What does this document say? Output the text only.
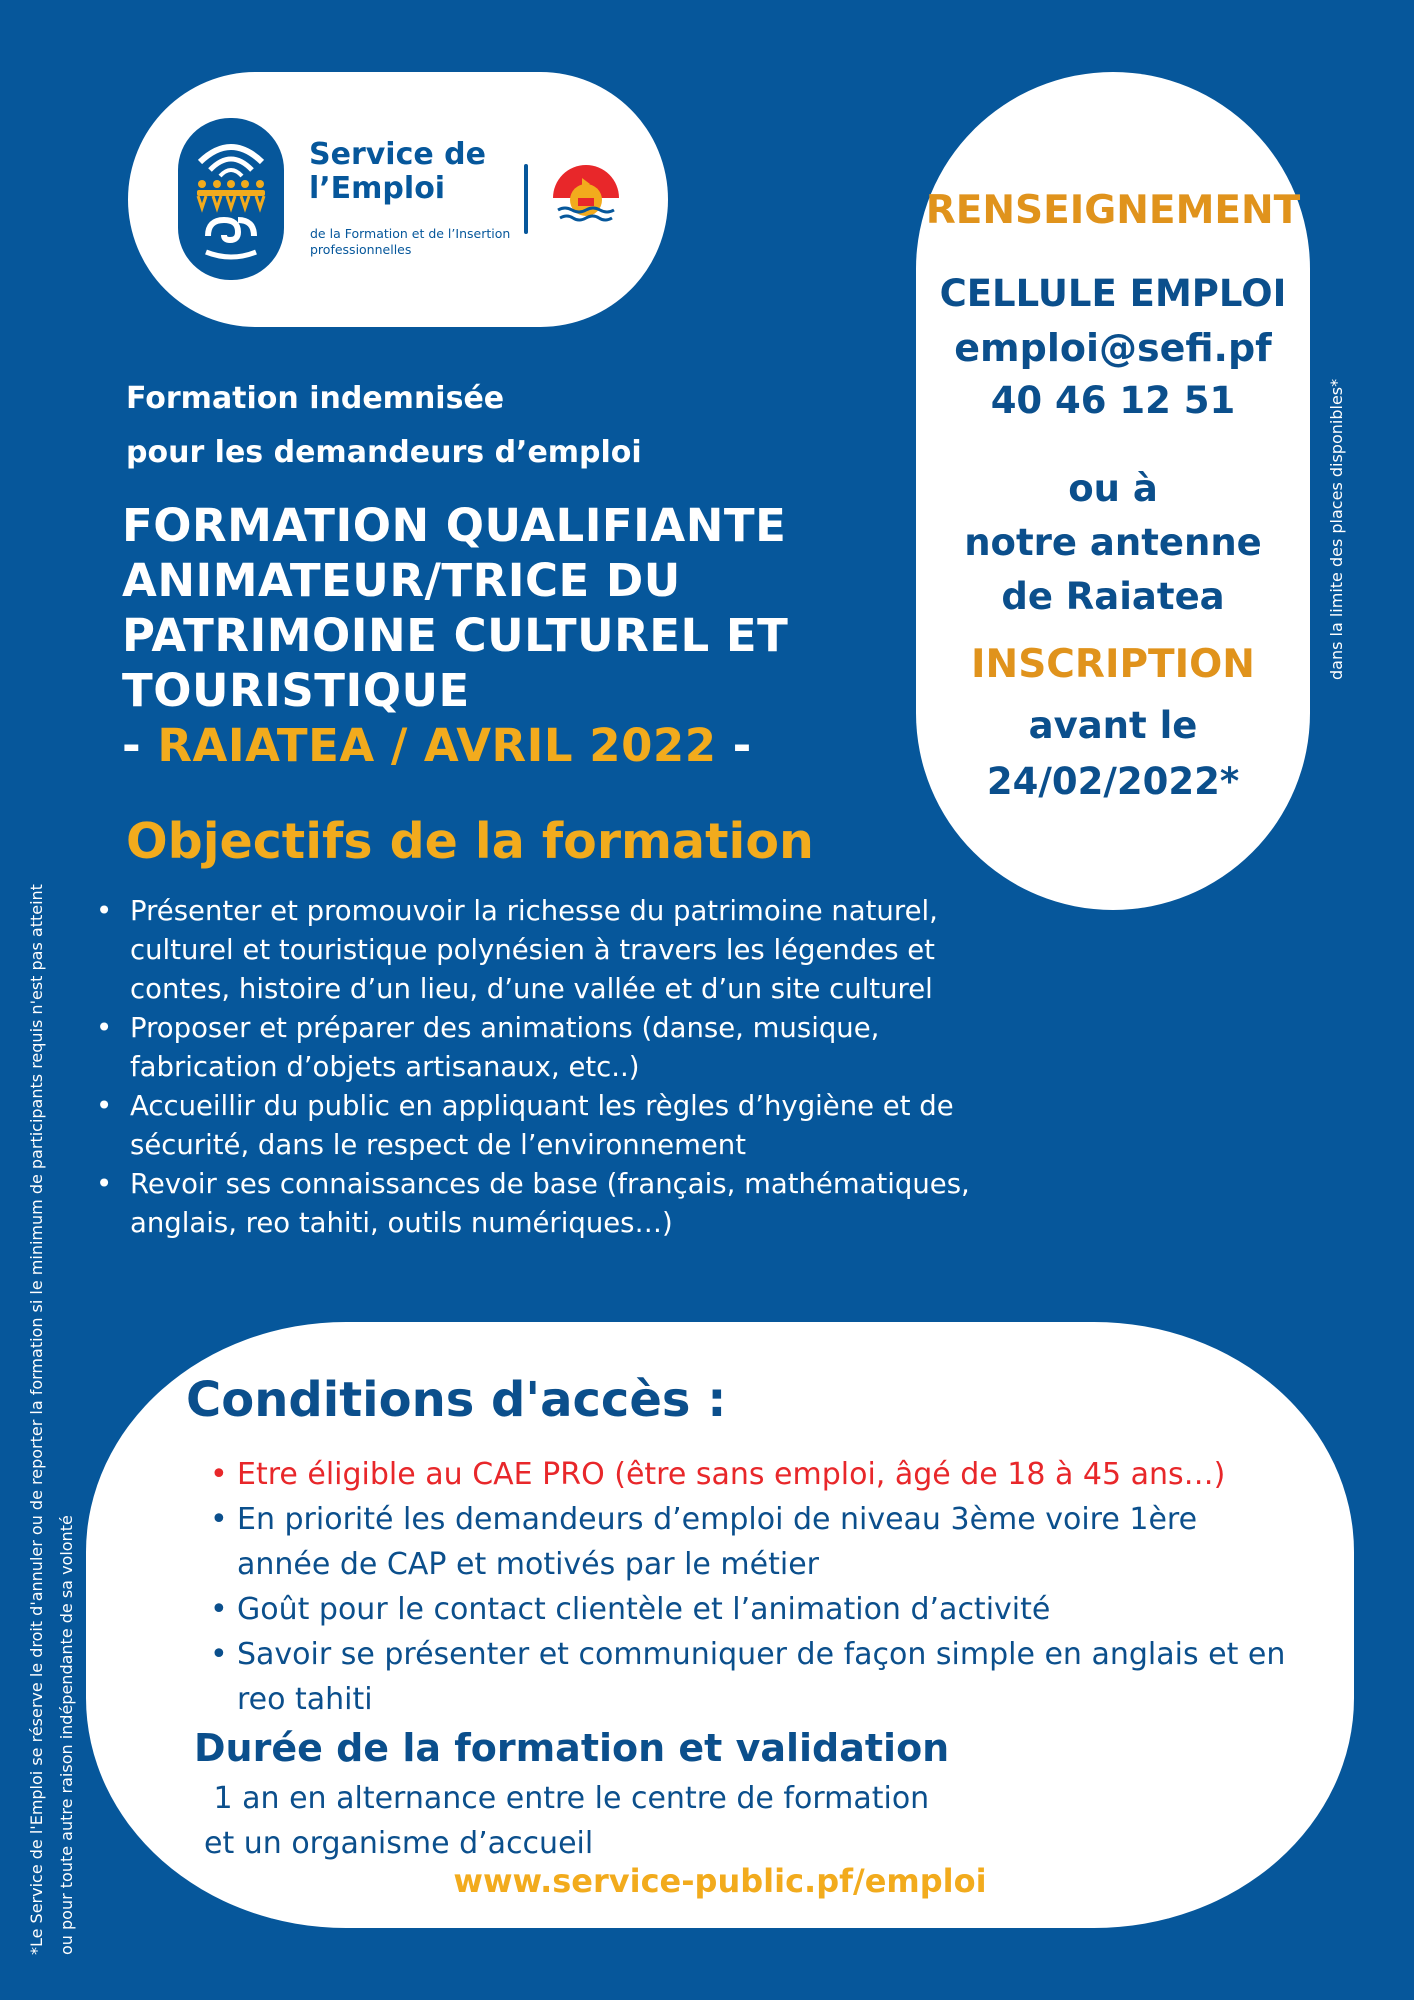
Service de l’Emploi
de la Formation et de l’Insertion professionnelles
RENSEIGNEMENT
CELLULE EMPLOI
emploi@sefi.pf
40 46 12 51
ou à
notre antenne
de Raiatea
INSCRIPTION
avant le
24/02/2022*
dans la limite des places disponibles*
*Le Service de l'Emploi se réserve le droit d'annuler ou de reporter la formation si le minimum de participants requis n'est pas atteint ou pour toute autre raison indépendante de sa volonté
Formation indemnisée
pour les demandeurs d’emploi
FORMATION QUALIFIANTE
ANIMATEUR/TRICE DU
PATRIMOINE CULTUREL ET
TOURISTIQUE
- RAIATEA / AVRIL 2022 -
Objectifs de la formation
• Présenter et promouvoir la richesse du patrimoine naturel, culturel et touristique polynésien à travers les légendes et contes, histoire d’un lieu, d’une vallée et d’un site culturel
• Proposer et préparer des animations (danse, musique, fabrication d’objets artisanaux, etc..)
• Accueillir du public en appliquant les règles d’hygiène et de sécurité, dans le respect de l’environnement
• Revoir ses connaissances de base (français, mathématiques, anglais, reo tahiti, outils numériques…)
Conditions d'accès :
• Etre éligible au CAE PRO (être sans emploi, âgé de 18 à 45 ans…)
• En priorité les demandeurs d’emploi de niveau 3ème voire 1ère année de CAP et motivés par le métier
• Goût pour le contact clientèle et l’animation d’activité
• Savoir se présenter et communiquer de façon simple en anglais et en reo tahiti
Durée de la formation et validation
1 an en alternance entre le centre de formation
et un organisme d’accueil
www.service-public.pf/emploi
